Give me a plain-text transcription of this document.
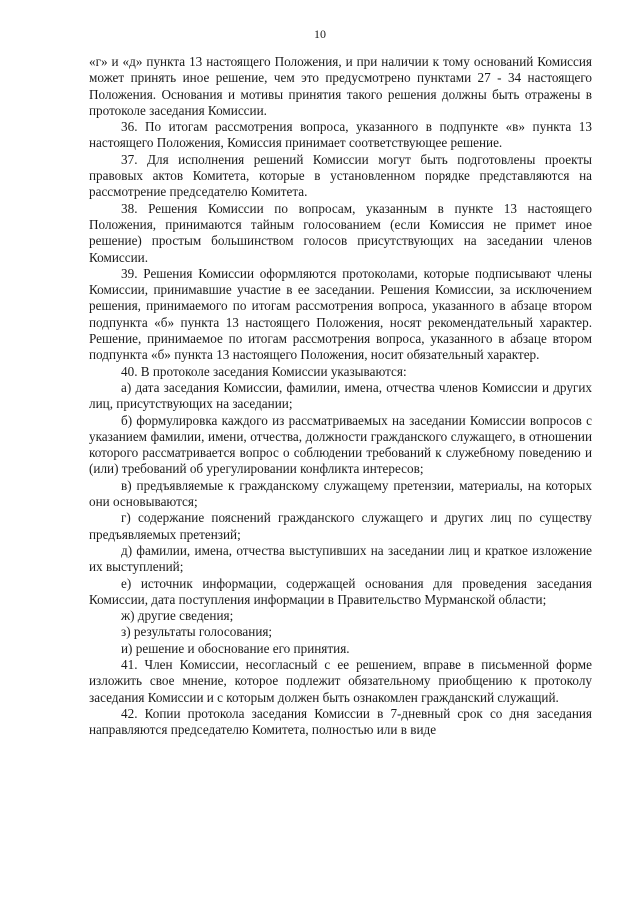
10

«г» и «д» пункта 13 настоящего Положения, и при наличии к тому оснований Комиссия может принять иное решение, чем это предусмотрено пунктами 27 - 34 настоящего Положения. Основания и мотивы принятия такого решения должны быть отражены в протоколе заседания Комиссии.

36. По итогам рассмотрения вопроса, указанного в подпункте «в» пункта 13 настоящего Положения, Комиссия принимает соответствующее решение.

37. Для исполнения решений Комиссии могут быть подготовлены проекты правовых актов Комитета, которые в установленном порядке представляются на рассмотрение председателю Комитета.

38. Решения Комиссии по вопросам, указанным в пункте 13 настоящего Положения, принимаются тайным голосованием (если Комиссия не примет иное решение) простым большинством голосов присутствующих на заседании членов Комиссии.

39. Решения Комиссии оформляются протоколами, которые подписывают члены Комиссии, принимавшие участие в ее заседании. Решения Комиссии, за исключением решения, принимаемого по итогам рассмотрения вопроса, указанного в абзаце втором подпункта «б» пункта 13 настоящего Положения, носят рекомендательный характер. Решение, принимаемое по итогам рассмотрения вопроса, указанного в абзаце втором подпункта «б» пункта 13 настоящего Положения, носит обязательный характер.

40. В протоколе заседания Комиссии указываются:

а) дата заседания Комиссии, фамилии, имена, отчества членов Комиссии и других лиц, присутствующих на заседании;

б) формулировка каждого из рассматриваемых на заседании Комиссии вопросов с указанием фамилии, имени, отчества, должности гражданского служащего, в отношении которого рассматривается вопрос о соблюдении требований к служебному поведению и (или) требований об урегулировании конфликта интересов;

в) предъявляемые к гражданскому служащему претензии, материалы, на которых они основываются;

г) содержание пояснений гражданского служащего и других лиц по существу предъявляемых претензий;

д) фамилии, имена, отчества выступивших на заседании лиц и краткое изложение их выступлений;

е) источник информации, содержащей основания для проведения заседания Комиссии, дата поступления информации в Правительство Мурманской области;

ж) другие сведения;

з) результаты голосования;

и) решение и обоснование его принятия.

41. Член Комиссии, несогласный с ее решением, вправе в письменной форме изложить свое мнение, которое подлежит обязательному приобщению к протоколу заседания Комиссии и с которым должен быть ознакомлен гражданский служащий.

42. Копии протокола заседания Комиссии в 7-дневный срок со дня заседания направляются председателю Комитета, полностью или в виде
